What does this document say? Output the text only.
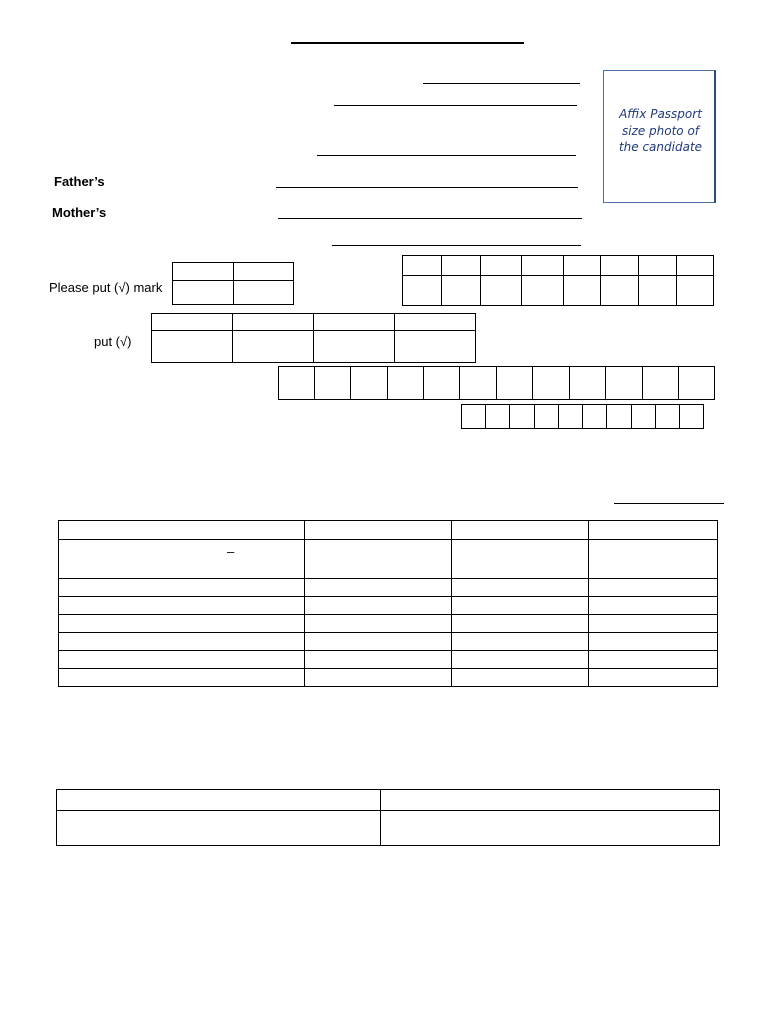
Affix Passport
size photo of
the candidate
Father’s
Mother’s
Please put (√) mark

put (√)

–
